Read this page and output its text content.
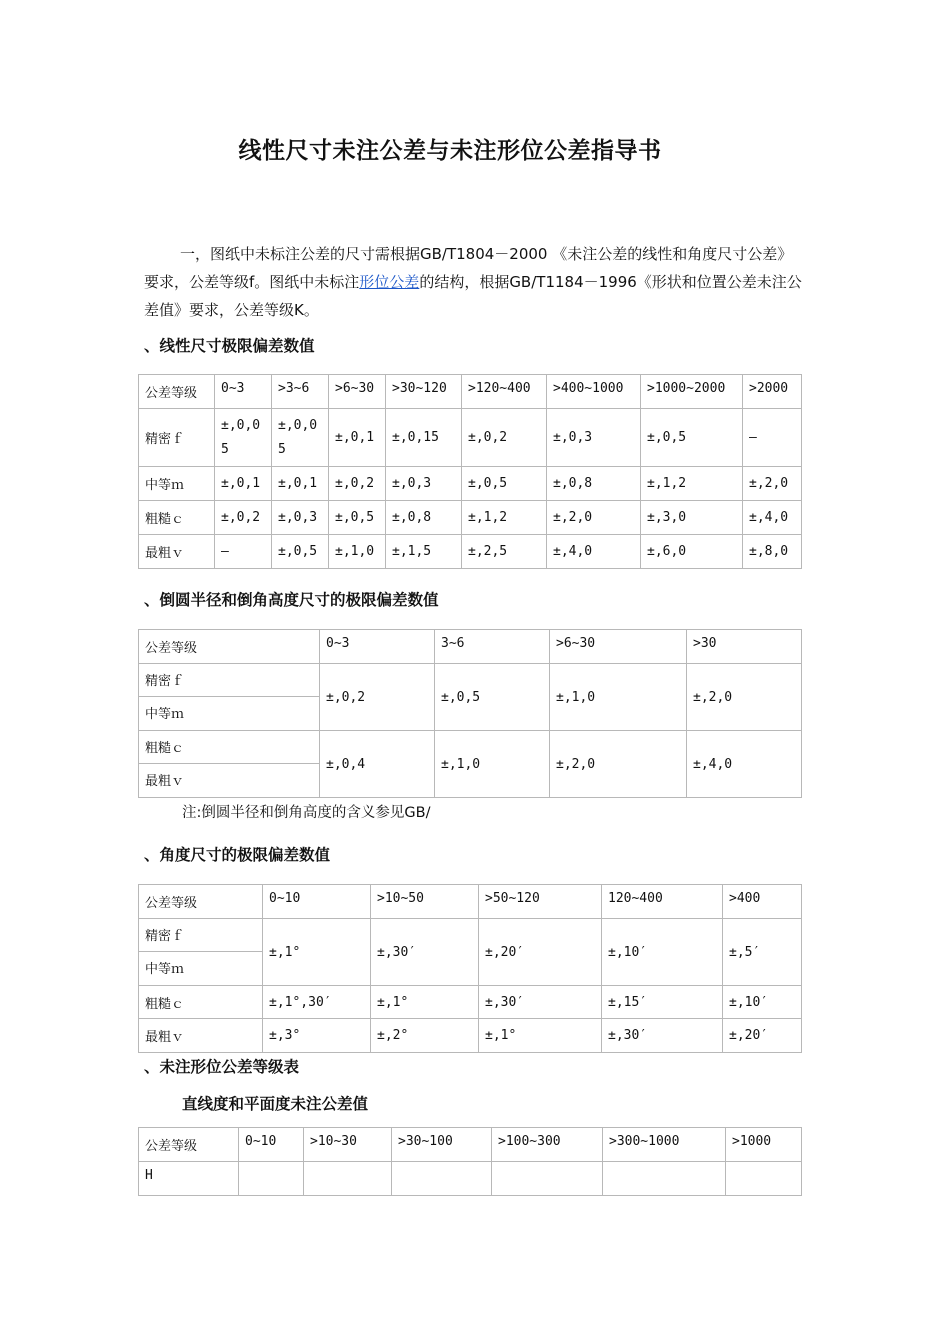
线性尺寸未注公差与未注形位公差指导书
一，图纸中未标注公差的尺寸需根据GB/T1804－2000 《未注公差的线性和角度尺寸公差》要求，公差等级f。图纸中未标注形位公差的结构，根据GB/T1184－1996《形状和位置公差未注公差值》要求，公差等级K。
、线性尺寸极限偏差数值
公差等级	0~3	>3~6	>6~30	>30~120	>120~400	>400~1000	>1000~2000	>2000
精密ｆ	±,0,05	±,0,05	±,0,1	±,0,15	±,0,2	±,0,3	±,0,5	—
中等ｍ	±,0,1	±,0,1	±,0,2	±,0,3	±,0,5	±,0,8	±,1,2	±,2,0
粗糙ｃ	±,0,2	±,0,3	±,0,5	±,0,8	±,1,2	±,2,0	±,3,0	±,4,0
最粗ｖ	—	±,0,5	±,1,0	±,1,5	±,2,5	±,4,0	±,6,0	±,8,0
、倒圆半径和倒角高度尺寸的极限偏差数值
公差等级	0~3	3~6	>6~30	>30
精密ｆ	±,0,2	±,0,5	±,1,0	±,2,0
中等ｍ				
粗糙ｃ	±,0,4	±,1,0	±,2,0	±,4,0
最粗ｖ				
注:倒圆半径和倒角高度的含义参见GB/
、角度尺寸的极限偏差数值
公差等级	0~10	>10~50	>50~120	120~400	>400
精密ｆ	±,1°	±,30′	±,20′	±,10′	±,5′
中等ｍ					
粗糙ｃ	±,1°,30′	±,1°	±,30′	±,15′	±,10′
最粗ｖ	±,3°	±,2°	±,1°	±,30′	±,20′
、未注形位公差等级表
直线度和平面度未注公差值
公差等级	0~10	>10~30	>30~100	>100~300	>300~1000	>1000
H						
